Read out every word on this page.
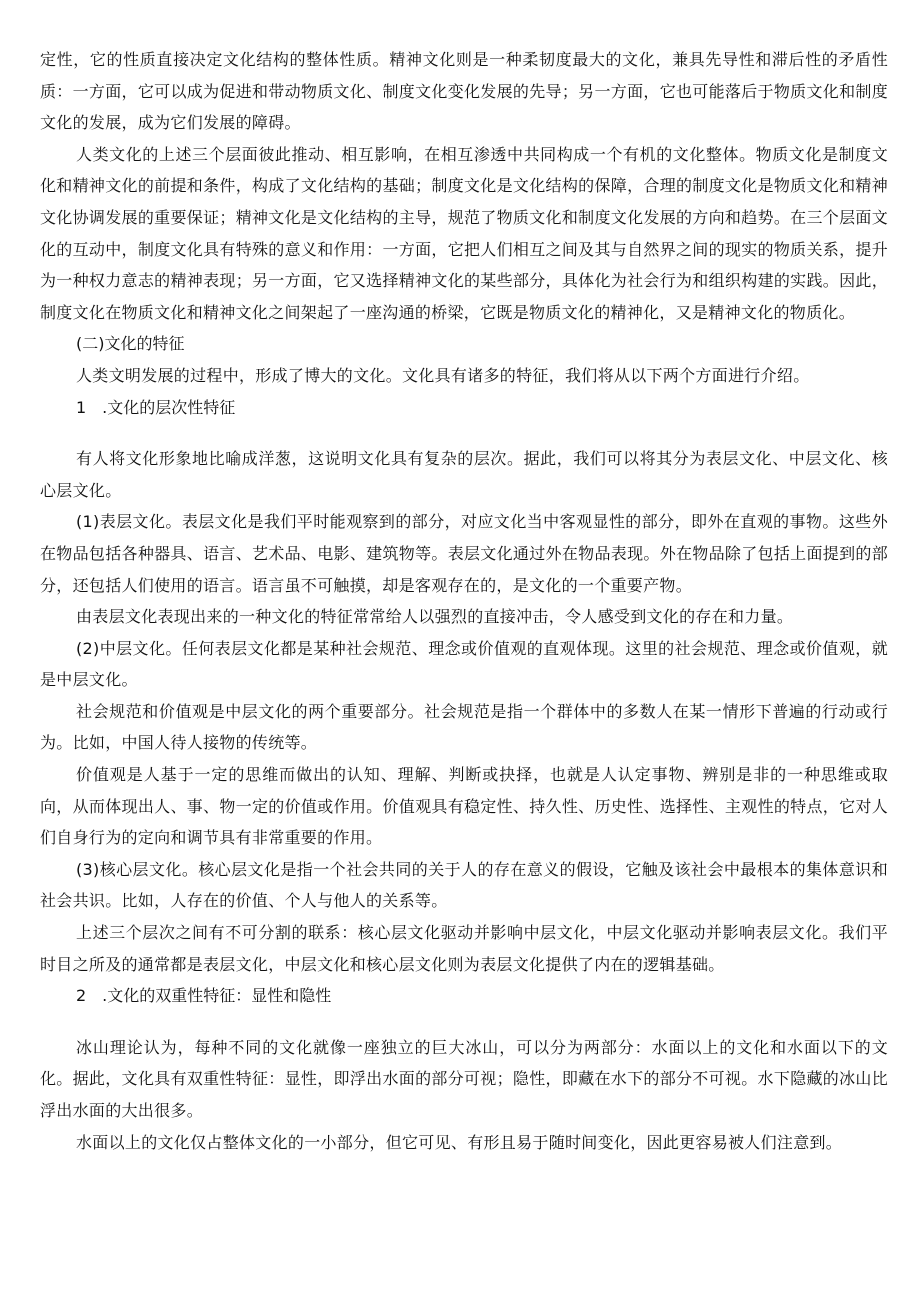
定性，它的性质直接决定文化结构的整体性质。精神文化则是一种柔韧度最大的文化，兼具先导性和滞后性的矛盾性质：一方面，它可以成为促进和带动物质文化、制度文化变化发展的先导；另一方面，它也可能落后于物质文化和制度文化的发展，成为它们发展的障碍。

人类文化的上述三个层面彼此推动、相互影响，在相互渗透中共同构成一个有机的文化整体。物质文化是制度文化和精神文化的前提和条件，构成了文化结构的基础；制度文化是文化结构的保障，合理的制度文化是物质文化和精神文化协调发展的重要保证；精神文化是文化结构的主导，规范了物质文化和制度文化发展的方向和趋势。在三个层面文化的互动中，制度文化具有特殊的意义和作用：一方面，它把人们相互之间及其与自然界之间的现实的物质关系，提升为一种权力意志的精神表现；另一方面，它又选择精神文化的某些部分，具体化为社会行为和组织构建的实践。因此，制度文化在物质文化和精神文化之间架起了一座沟通的桥梁，它既是物质文化的精神化，又是精神文化的物质化。

(二)文化的特征

人类文明发展的过程中，形成了博大的文化。文化具有诸多的特征，我们将从以下两个方面进行介绍。

1　.文化的层次性特征

有人将文化形象地比喻成洋葱，这说明文化具有复杂的层次。据此，我们可以将其分为表层文化、中层文化、核心层文化。

(1)表层文化。表层文化是我们平时能观察到的部分，对应文化当中客观显性的部分，即外在直观的事物。这些外在物品包括各种器具、语言、艺术品、电影、建筑物等。表层文化通过外在物品表现。外在物品除了包括上面提到的部分，还包括人们使用的语言。语言虽不可触摸，却是客观存在的，是文化的一个重要产物。

由表层文化表现出来的一种文化的特征常常给人以强烈的直接冲击，令人感受到文化的存在和力量。

(2)中层文化。任何表层文化都是某种社会规范、理念或价值观的直观体现。这里的社会规范、理念或价值观，就是中层文化。

社会规范和价值观是中层文化的两个重要部分。社会规范是指一个群体中的多数人在某一情形下普遍的行动或行为。比如，中国人待人接物的传统等。

价值观是人基于一定的思维而做出的认知、理解、判断或抉择，也就是人认定事物、辨别是非的一种思维或取向，从而体现出人、事、物一定的价值或作用。价值观具有稳定性、持久性、历史性、选择性、主观性的特点，它对人们自身行为的定向和调节具有非常重要的作用。

(3)核心层文化。核心层文化是指一个社会共同的关于人的存在意义的假设，它触及该社会中最根本的集体意识和社会共识。比如，人存在的价值、个人与他人的关系等。

上述三个层次之间有不可分割的联系：核心层文化驱动并影响中层文化，中层文化驱动并影响表层文化。我们平时目之所及的通常都是表层文化，中层文化和核心层文化则为表层文化提供了内在的逻辑基础。

2　.文化的双重性特征：显性和隐性

冰山理论认为，每种不同的文化就像一座独立的巨大冰山，可以分为两部分：水面以上的文化和水面以下的文化。据此，文化具有双重性特征：显性，即浮出水面的部分可视；隐性，即藏在水下的部分不可视。水下隐藏的冰山比浮出水面的大出很多。

水面以上的文化仅占整体文化的一小部分，但它可见、有形且易于随时间变化，因此更容易被人们注意到。
